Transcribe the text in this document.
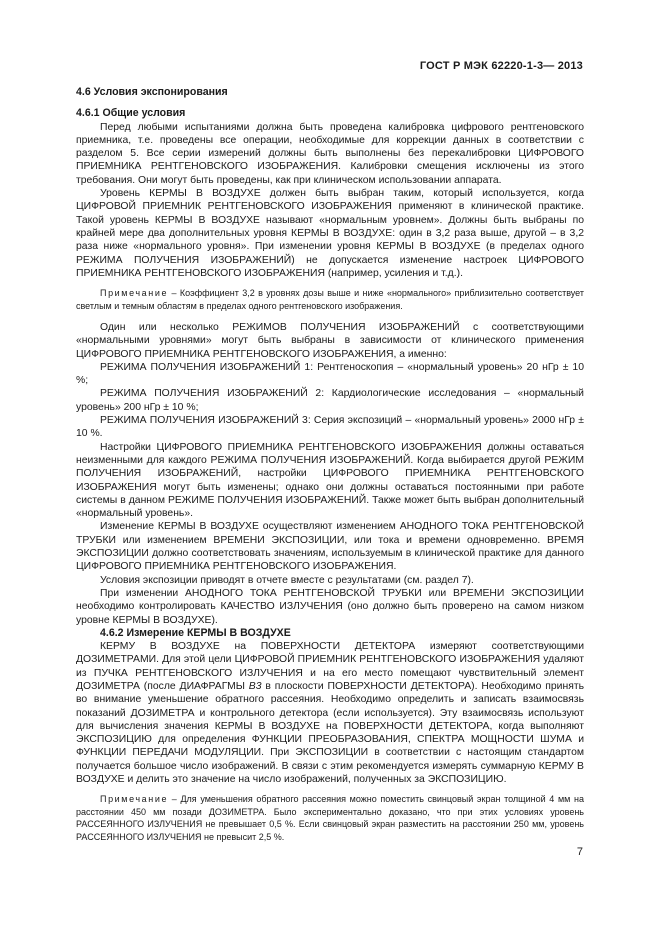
ГОСТ Р МЭК 62220-1-3— 2013
4.6 Условия экспонирования
4.6.1 Общие условия

Перед любыми испытаниями должна быть проведена калибровка цифрового рентгеновского приемника, т.е. проведены все операции, необходимые для коррекции данных в соответствии с разделом 5. Все серии измерений должны быть выполнены без перекалибровки ЦИФРОВОГО ПРИЕМНИКА РЕНТГЕНОВСКОГО ИЗОБРАЖЕНИЯ. Калибровки смещения исключены из этого требования. Они могут быть проведены, как при клиническом использовании аппарата.

Уровень КЕРМЫ В ВОЗДУХЕ должен быть выбран таким, который используется, когда ЦИФРОВОЙ ПРИЕМНИК РЕНТГЕНОВСКОГО ИЗОБРАЖЕНИЯ применяют в клинической практике. Такой уровень КЕРМЫ В ВОЗДУХЕ называют «нормальным уровнем». Должны быть выбраны по крайней мере два дополнительных уровня КЕРМЫ В ВОЗДУХЕ: один в 3,2 раза выше, другой – в 3,2 раза ниже «нормального уровня». При изменении уровня КЕРМЫ В ВОЗДУХЕ (в пределах одного РЕЖИМА ПОЛУЧЕНИЯ ИЗОБРАЖЕНИЙ) не допускается изменение настроек ЦИФРОВОГО ПРИЕМНИКА РЕНТГЕНОВСКОГО ИЗОБРАЖЕНИЯ (например, усиления и т.д.).

Примечание – Коэффициент 3,2 в уровнях дозы выше и ниже «нормального» приблизительно соответствует светлым и темным областям в пределах одного рентгеновского изображения.

Один или несколько РЕЖИМОВ ПОЛУЧЕНИЯ ИЗОБРАЖЕНИЙ с соответствующими «нормальными уровнями» могут быть выбраны в зависимости от клинического применения ЦИФРОВОГО ПРИЕМНИКА РЕНТГЕНОВСКОГО ИЗОБРАЖЕНИЯ, а именно:

РЕЖИМА ПОЛУЧЕНИЯ ИЗОБРАЖЕНИЙ 1: Рентгеноскопия – «нормальный уровень» 20 нГр ± 10 %;

РЕЖИМА ПОЛУЧЕНИЯ ИЗОБРАЖЕНИЙ 2: Кардиологические исследования – «нормальный уровень» 200 нГр ± 10 %;

РЕЖИМА ПОЛУЧЕНИЯ ИЗОБРАЖЕНИЙ 3: Серия экспозиций – «нормальный уровень» 2000 нГр ± 10 %.

Настройки ЦИФРОВОГО ПРИЕМНИКА РЕНТГЕНОВСКОГО ИЗОБРАЖЕНИЯ должны оставаться неизменными для каждого РЕЖИМА ПОЛУЧЕНИЯ ИЗОБРАЖЕНИЙ. Когда выбирается другой РЕЖИМ ПОЛУЧЕНИЯ ИЗОБРАЖЕНИЙ, настройки ЦИФРОВОГО ПРИЕМНИКА РЕНТГЕНОВСКОГО ИЗОБРАЖЕНИЯ могут быть изменены; однако они должны оставаться постоянными при работе системы в данном РЕЖИМЕ ПОЛУЧЕНИЯ ИЗОБРАЖЕНИЙ. Также может быть выбран дополнительный «нормальный уровень».

Изменение КЕРМЫ В ВОЗДУХЕ осуществляют изменением АНОДНОГО ТОКА РЕНТГЕНОВСКОЙ ТРУБКИ или изменением ВРЕМЕНИ ЭКСПОЗИЦИИ, или тока и времени одновременно. ВРЕМЯ ЭКСПОЗИЦИИ должно соответствовать значениям, используемым в клинической практике для данного ЦИФРОВОГО ПРИЕМНИКА РЕНТГЕНОВСКОГО ИЗОБРАЖЕНИЯ.

Условия экспозиции приводят в отчете вместе с результатами (см. раздел 7).

При изменении АНОДНОГО ТОКА РЕНТГЕНОВСКОЙ ТРУБКИ или ВРЕМЕНИ ЭКСПОЗИЦИИ необходимо контролировать КАЧЕСТВО ИЗЛУЧЕНИЯ (оно должно быть проверено на самом низком уровне КЕРМЫ В ВОЗДУХЕ).

4.6.2 Измерение КЕРМЫ В ВОЗДУХЕ

КЕРМУ В ВОЗДУХЕ на ПОВЕРХНОСТИ ДЕТЕКТОРА измеряют соответствующими ДОЗИМЕТРАМИ. Для этой цели ЦИФРОВОЙ ПРИЕМНИК РЕНТГЕНОВСКОГО ИЗОБРАЖЕНИЯ удаляют из ПУЧКА РЕНТГЕНОВСКОГО ИЗЛУЧЕНИЯ и на его место помещают чувствительный элемент ДОЗИМЕТРА (после ДИАФРАГМЫ В3 в плоскости ПОВЕРХНОСТИ ДЕТЕКТОРА). Необходимо принять во внимание уменьшение обратного рассеяния. Необходимо определить и записать взаимосвязь показаний ДОЗИМЕТРА и контрольного детектора (если используется). Эту взаимосвязь используют для вычисления значения КЕРМЫ В ВОЗДУХЕ на ПОВЕРХНОСТИ ДЕТЕКТОРА, когда выполняют ЭКСПОЗИЦИЮ для определения ФУНКЦИИ ПРЕОБРАЗОВАНИЯ, СПЕКТРА МОЩНОСТИ ШУМА и ФУНКЦИИ ПЕРЕДАЧИ МОДУЛЯЦИИ. При ЭКСПОЗИЦИИ в соответствии с настоящим стандартом получается большое число изображений. В связи с этим рекомендуется измерять суммарную КЕРМУ В ВОЗДУХЕ и делить это значение на число изображений, полученных за ЭКСПОЗИЦИЮ.

Примечание – Для уменьшения обратного рассеяния можно поместить свинцовый экран толщиной 4 мм на расстоянии 450 мм позади ДОЗИМЕТРА. Было экспериментально доказано, что при этих условиях уровень РАССЕЯННОГО ИЗЛУЧЕНИЯ не превышает 0,5 %. Если свинцовый экран разместить на расстоянии 250 мм, уровень РАССЕЯННОГО ИЗЛУЧЕНИЯ не превысит 2,5 %.
7
